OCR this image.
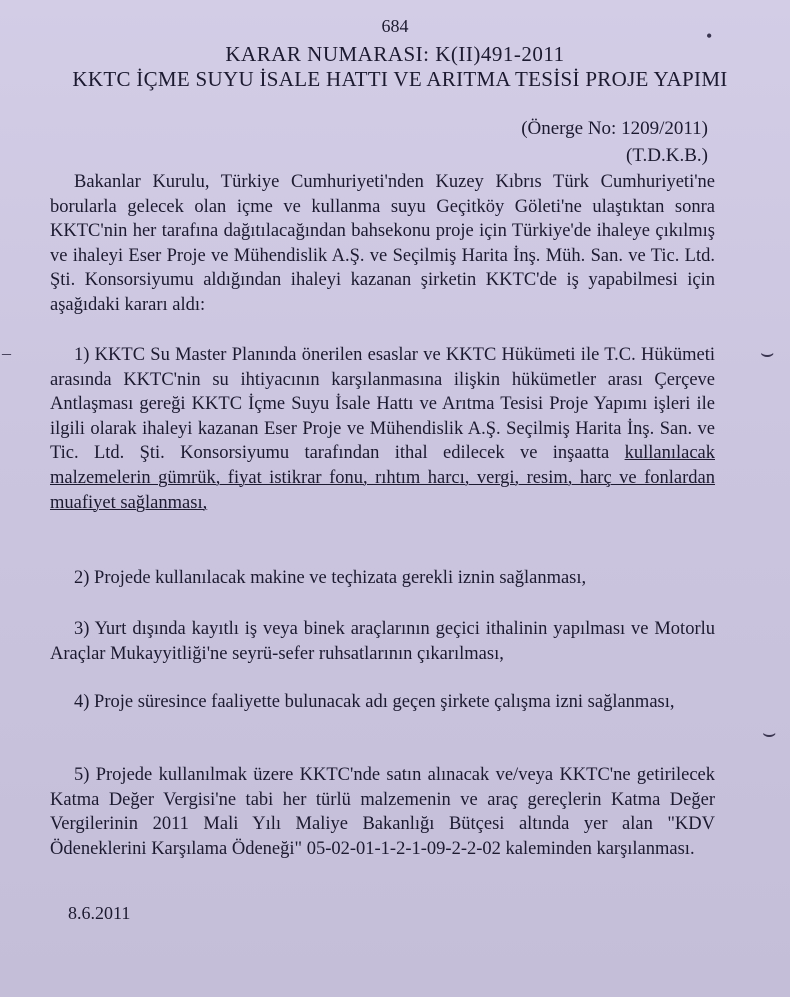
684
KARAR NUMARASI: K(II)491-2011
KKTC İÇME SUYU İSALE HATTI VE ARITMA TESİSİ PROJE YAPIMI
(Önerge No: 1209/2011)
(T.D.K.B.)
Bakanlar Kurulu, Türkiye Cumhuriyeti'nden Kuzey Kıbrıs Türk Cumhuriyeti'ne borularla gelecek olan içme ve kullanma suyu Geçitköy Göleti'ne ulaştıktan sonra KKTC'nin her tarafına dağıtılacağından bahsekonu proje için Türkiye'de ihaleye çıkılmış ve ihaleyi Eser Proje ve Mühendislik A.Ş. ve Seçilmiş Harita İnş. Müh. San. ve Tic. Ltd. Şti. Konsorsiyumu aldığından ihaleyi kazanan şirketin KKTC'de iş yapabilmesi için aşağıdaki kararı aldı:
1) KKTC Su Master Planında önerilen esaslar ve KKTC Hükümeti ile T.C. Hükümeti arasında KKTC'nin su ihtiyacının karşılanmasına ilişkin hükümetler arası Çerçeve Antlaşması gereği KKTC İçme Suyu İsale Hattı ve Arıtma Tesisi Proje Yapımı işleri ile ilgili olarak ihaleyi kazanan Eser Proje ve Mühendislik A.Ş. Seçilmiş Harita İnş. San. ve Tic. Ltd. Şti. Konsorsiyumu tarafından ithal edilecek ve inşaatta kullanılacak malzemelerin gümrük, fiyat istikrar fonu, rıhtım harcı, vergi, resim, harç ve fonlardan muafiyet sağlanması,
2) Projede kullanılacak makine ve teçhizata gerekli iznin sağlanması,
3) Yurt dışında kayıtlı iş veya binek araçlarının geçici ithalinin yapılması ve Motorlu Araçlar Mukayyitliği'ne seyrü-sefer ruhsatlarının çıkarılması,
4) Proje süresince faaliyette bulunacak adı geçen şirkete çalışma izni sağlanması,
5) Projede kullanılmak üzere KKTC'nde satın alınacak ve/veya KKTC'ne getirilecek Katma Değer Vergisi'ne tabi her türlü malzemenin ve araç gereçlerin Katma Değer Vergilerinin 2011 Mali Yılı Maliye Bakanlığı Bütçesi altında yer alan "KDV Ödeneklerini Karşılama Ödeneği" 05-02-01-1-2-1-09-2-2-02 kaleminden karşılanması.
8.6.2011
•
⌣
–
⌣
